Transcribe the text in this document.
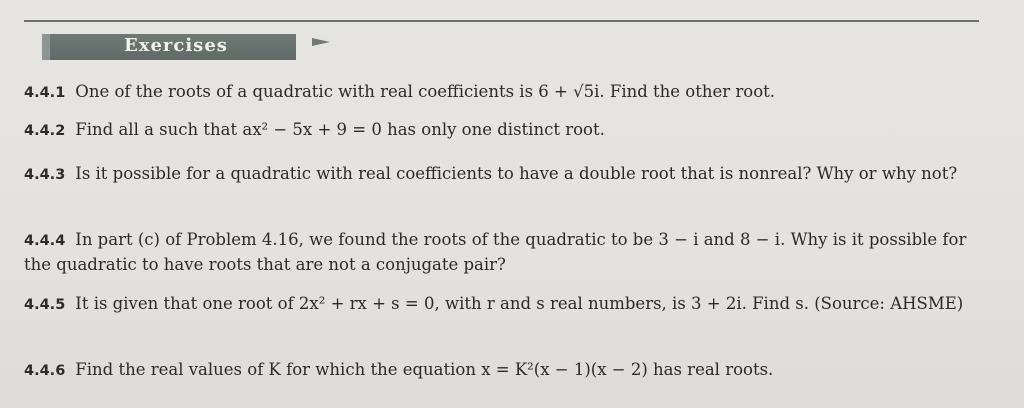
Exercises
4.4.1 One of the roots of a quadratic with real coefficients is 6 + √5i. Find the other root.
4.4.2 Find all a such that ax² − 5x + 9 = 0 has only one distinct root.
4.4.3 Is it possible for a quadratic with real coefficients to have a double root that is nonreal? Why or why not?
4.4.4 In part (c) of Problem 4.16, we found the roots of the quadratic to be 3 − i and 8 − i. Why is it possible for the quadratic to have roots that are not a conjugate pair?
4.4.5 It is given that one root of 2x² + rx + s = 0, with r and s real numbers, is 3 + 2i. Find s. (Source: AHSME)
4.4.6 Find the real values of K for which the equation x = K²(x − 1)(x − 2) has real roots.
